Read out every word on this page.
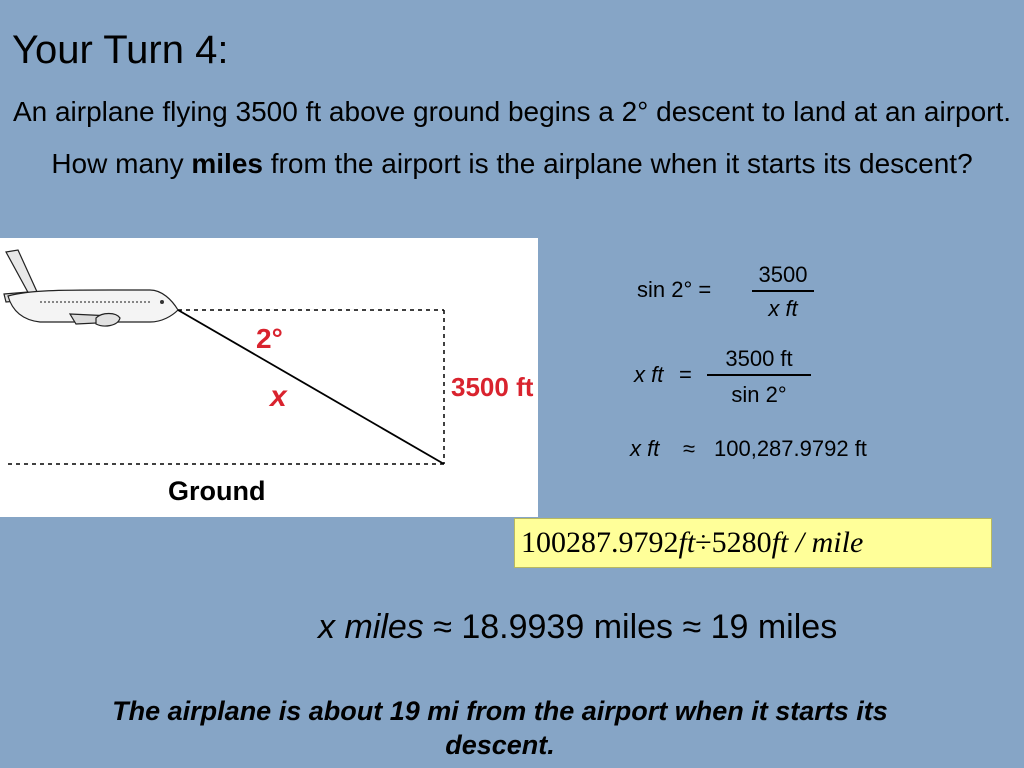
Your Turn 4:
An airplane flying 3500 ft above ground begins a 2° descent to land at an airport. How many miles from the airport is the airplane when it starts its descent?
2°
x	3500 ft
Ground
sin 2° =
3500
x ft
x ft =
3500 ft
sin 2°
x ft ≈ 100,287.9792 ft
100287.9792ft÷5280ft / mile
x miles ≈ 18.9939 miles ≈ 19 miles
The airplane is about 19 mi from the airport when it starts its descent.
